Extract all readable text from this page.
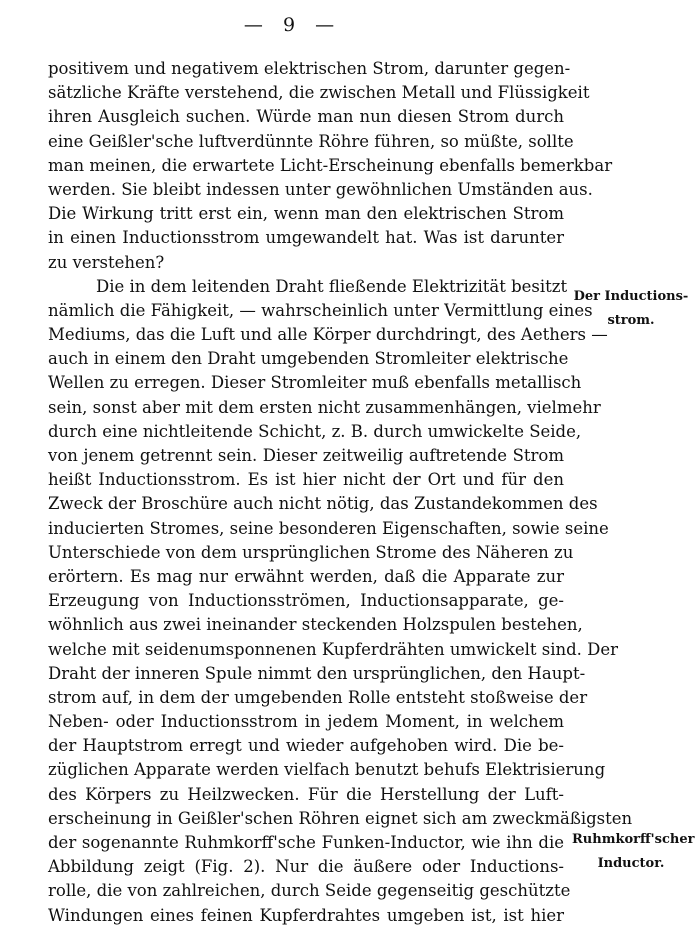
— 9 —
positivem und negativem elektrischen Strom, darunter gegen-
sätzliche Kräfte verstehend, die zwischen Metall und Flüssigkeit
ihren Ausgleich suchen. Würde man nun diesen Strom durch
eine Geißler'sche luftverdünnte Röhre führen, so müßte, sollte
man meinen, die erwartete Licht-Erscheinung ebenfalls bemerkbar
werden. Sie bleibt indessen unter gewöhnlichen Umständen aus.
Die Wirkung tritt erst ein, wenn man den elektrischen Strom
in einen Inductionsstrom umgewandelt hat. Was ist darunter
zu verstehen?
Die in dem leitenden Draht fließende Elektrizität besitzt
nämlich die Fähigkeit, — wahrscheinlich unter Vermittlung eines
Mediums, das die Luft und alle Körper durchdringt, des Aethers —
auch in einem den Draht umgebenden Stromleiter elektrische
Wellen zu erregen. Dieser Stromleiter muß ebenfalls metallisch
sein, sonst aber mit dem ersten nicht zusammenhängen, vielmehr
durch eine nichtleitende Schicht, z. B. durch umwickelte Seide,
von jenem getrennt sein. Dieser zeitweilig auftretende Strom
heißt Inductionsstrom. Es ist hier nicht der Ort und für den
Zweck der Broschüre auch nicht nötig, das Zustandekommen des
inducierten Stromes, seine besonderen Eigenschaften, sowie seine
Unterschiede von dem ursprünglichen Strome des Näheren zu
erörtern. Es mag nur erwähnt werden, daß die Apparate zur
Erzeugung von Inductionsströmen, Inductionsapparate, ge-
wöhnlich aus zwei ineinander steckenden Holzspulen bestehen,
welche mit seidenumsponnenen Kupferdrähten umwickelt sind. Der
Draht der inneren Spule nimmt den ursprünglichen, den Haupt-
strom auf, in dem der umgebenden Rolle entsteht stoßweise der
Neben- oder Inductionsstrom in jedem Moment, in welchem
der Hauptstrom erregt und wieder aufgehoben wird. Die be-
züglichen Apparate werden vielfach benutzt behufs Elektrisierung
des Körpers zu Heilzwecken. Für die Herstellung der Luft-
erscheinung in Geißler'schen Röhren eignet sich am zweckmäßigsten
der sogenannte Ruhmkorff'sche Funken-Inductor, wie ihn die
Abbildung zeigt (Fig. 2). Nur die äußere oder Inductions-
rolle, die von zahlreichen, durch Seide gegenseitig geschützte
Windungen eines feinen Kupferdrahtes umgeben ist, ist hier
Der Inductions-
strom.
Ruhmkorff'scher
Inductor.
